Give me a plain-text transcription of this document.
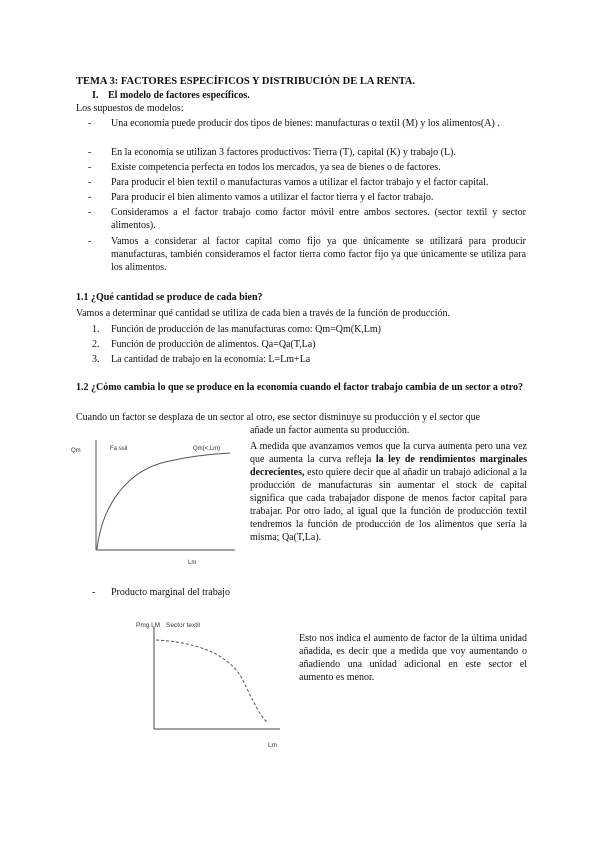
TEMA 3: FACTORES ESPECÍFICOS Y DISTRIBUCIÓN DE LA RENTA.
I. El modelo de factores específicos.
Los supuestos de modelos:
-	Una economía puede producir dos tipos de bienes: manufacturas o textil (M) y los alimentos(A) .
-	En la economía se utilizan 3 factores productivos: Tierra (T), capital (K) y trabajo (L).
-	Existe competencia perfecta en todos los mercados, ya sea de bienes o de factores.
-	Para producir el bien textil o manufacturas vamos a utilizar el factor trabajo y el factor capital.
-	Para producir el bien alimento vamos a utilizar el factor tierra y el factor trabajo.
-	Consideramos a el factor trabajo como factor móvil entre ambos sectores. (sector textil y sector alimentos).
-	Vamos a considerar al factor capital como fijo ya que únicamente se utilizará para producir manufacturas, también consideramos el factor tierra como factor fijo ya que únicamente se utiliza para los alimentos.
1.1 ¿Qué cantidad se produce de cada bien?
Vamos a determinar qué cantidad se utiliza de cada bien a través de la función de producción.
1. Función de producción de las manufacturas como: Qm=Qm(K,Lm)
2. Función de producción de alimentos. Qa=Qa(T,La)
3. La cantidad de trabajo en la economía: L=Lm+La
1.2 ¿Cómo cambia lo que se produce en la economía cuando el factor trabajo cambia de un sector a otro?
Cuando un factor se desplaza de un sector al otro, ese sector disminuye su producción y el sector que
añade un factor aumenta su producción.
A medida que avanzamos vemos que la curva aumenta pero una vez que aumenta la curva refleja la ley de rendimientos marginales decrecientes, esto quiere decir que al añadir un trabajo adicional a la producción de manufacturas sin aumentar el stock de capital significa que cada trabajador dispone de menos factor capital para trabajar. Por otro lado, al igual que la función de producción textil tendremos la función de producción de los alimentos que sería la misma; Qa(T,La).
Qm	Fa ssil	Qm(<,Lm)
Lm
- Producto marginal del trabajo
Pmg LM Sector textil
Lm
Esto nos indica el aumento de factor de la última unidad añadida, es decir que a medida que voy aumentando o añadiendo una unidad adicional en este sector el aumento es menor.
